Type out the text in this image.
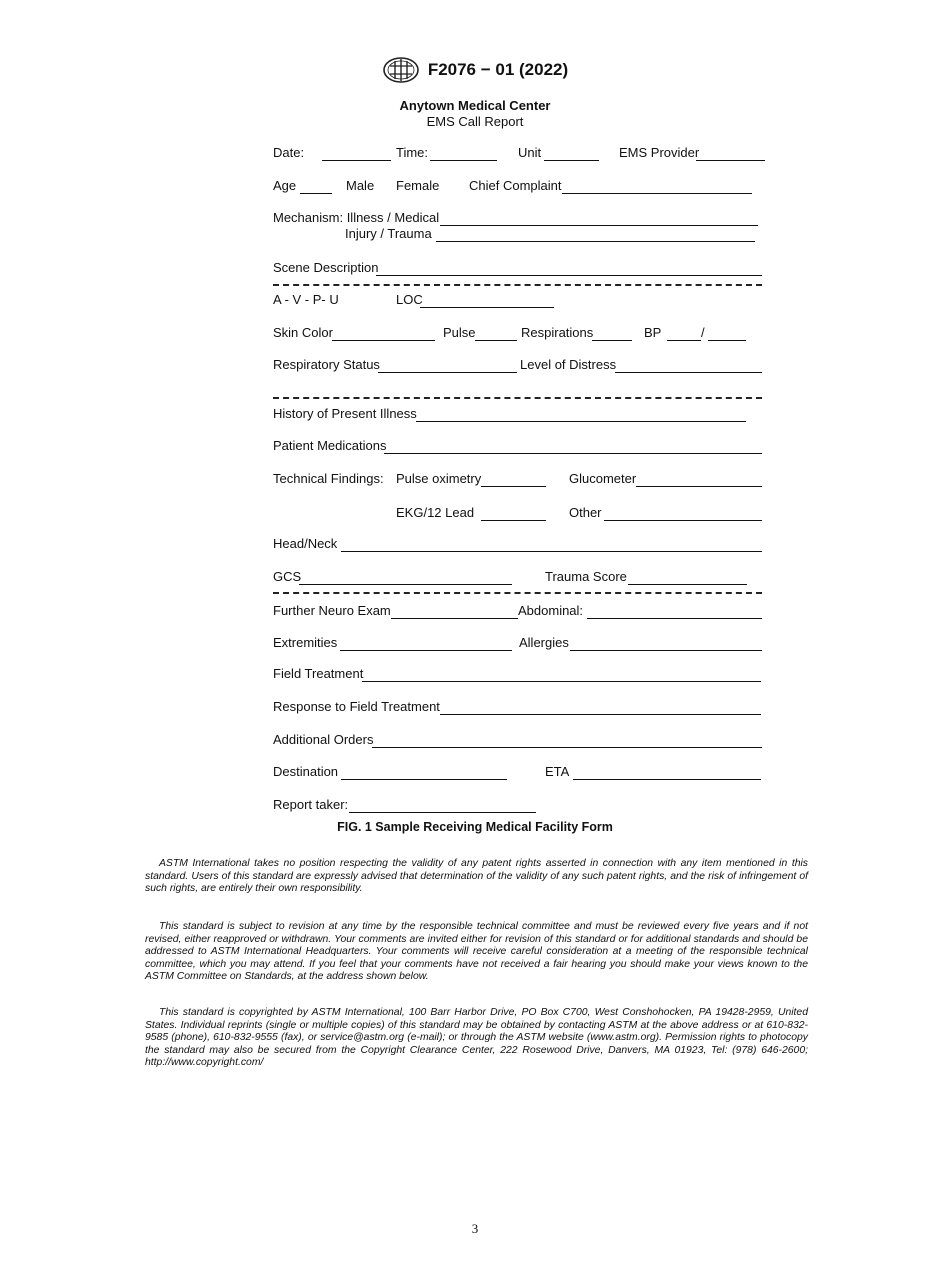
F2076 − 01 (2022)
Anytown Medical Center
EMS Call Report
Date:	Time:	Unit	EMS Provider
Age	Male Female Chief Complaint
Mechanism: Illness / Medical
Injury / Trauma
Scene Description
A - V - P- U	LOC
Skin Color	Pulse	Respirations	BP	/
Respiratory Status	Level of Distress
History of Present Illness
Patient Medications
Technical Findings: Pulse oximetry	Glucometer
EKG/12 Lead	Other
Head/Neck
GCS	Trauma Score
Further Neuro Exam	Abdominal:
Extremities	Allergies
Field Treatment
Response to Field Treatment
Additional Orders
Destination	ETA
Report taker:
FIG. 1 Sample Receiving Medical Facility Form
ASTM International takes no position respecting the validity of any patent rights asserted in connection with any item mentioned in this standard. Users of this standard are expressly advised that determination of the validity of any such patent rights, and the risk of infringement of such rights, are entirely their own responsibility.
This standard is subject to revision at any time by the responsible technical committee and must be reviewed every five years and if not revised, either reapproved or withdrawn. Your comments are invited either for revision of this standard or for additional standards and should be addressed to ASTM International Headquarters. Your comments will receive careful consideration at a meeting of the responsible technical committee, which you may attend. If you feel that your comments have not received a fair hearing you should make your views known to the ASTM Committee on Standards, at the address shown below.
This standard is copyrighted by ASTM International, 100 Barr Harbor Drive, PO Box C700, West Conshohocken, PA 19428-2959, United States. Individual reprints (single or multiple copies) of this standard may be obtained by contacting ASTM at the above address or at 610-832-9585 (phone), 610-832-9555 (fax), or service@astm.org (e-mail); or through the ASTM website (www.astm.org). Permission rights to photocopy the standard may also be secured from the Copyright Clearance Center, 222 Rosewood Drive, Danvers, MA 01923, Tel: (978) 646-2600; http://www.copyright.com/
3
